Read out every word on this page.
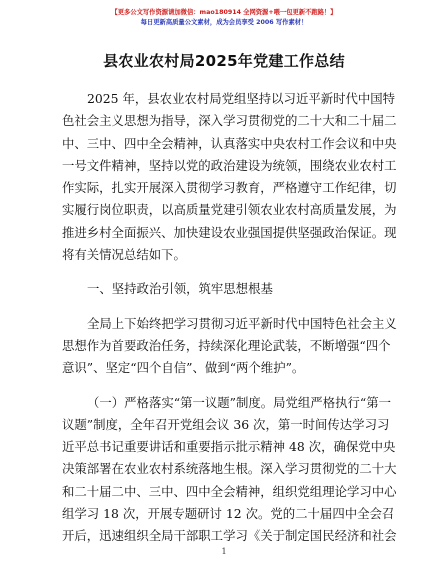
【更多公文写作资源请加微信：mao180914 全网资源+喂一包更新不跑路！】
每日更新高质量公文素材，成为会员享受 2006 写作素材！
县农业农村局2025年党建工作总结
2025 年，县农业农村局党组坚持以习近平新时代中国特
色社会主义思想为指导，深入学习贯彻党的二十大和二十届二
中、三中、四中全会精神，认真落实中央农村工作会议和中央
一号文件精神，坚持以党的政治建设为统领，围绕农业农村工
作实际，扎实开展深入贯彻学习教育，严格遵守工作纪律，切
实履行岗位职责，以高质量党建引领农业农村高质量发展，为
推进乡村全面振兴、加快建设农业强国提供坚强政治保证。现
将有关情况总结如下。
一、坚持政治引领，筑牢思想根基
全局上下始终把学习贯彻习近平新时代中国特色社会主义
思想作为首要政治任务，持续深化理论武装，不断增强“四个
意识”、坚定“四个自信”、做到“两个维护”。
（一）严格落实“第一议题”制度。局党组严格执行“第一
议题”制度，全年召开党组会议 36 次，第一时间传达学习习
近平总书记重要讲话和重要指示批示精神 48 次，确保党中央
决策部署在农业农村系统落地生根。深入学习贯彻党的二十大
和二十届二中、三中、四中全会精神，组织党组理论学习中心
组学习 18 次，开展专题研讨 12 次。党的二十届四中全会召
开后，迅速组织全局干部职工学习《关于制定国民经济和社会
1
